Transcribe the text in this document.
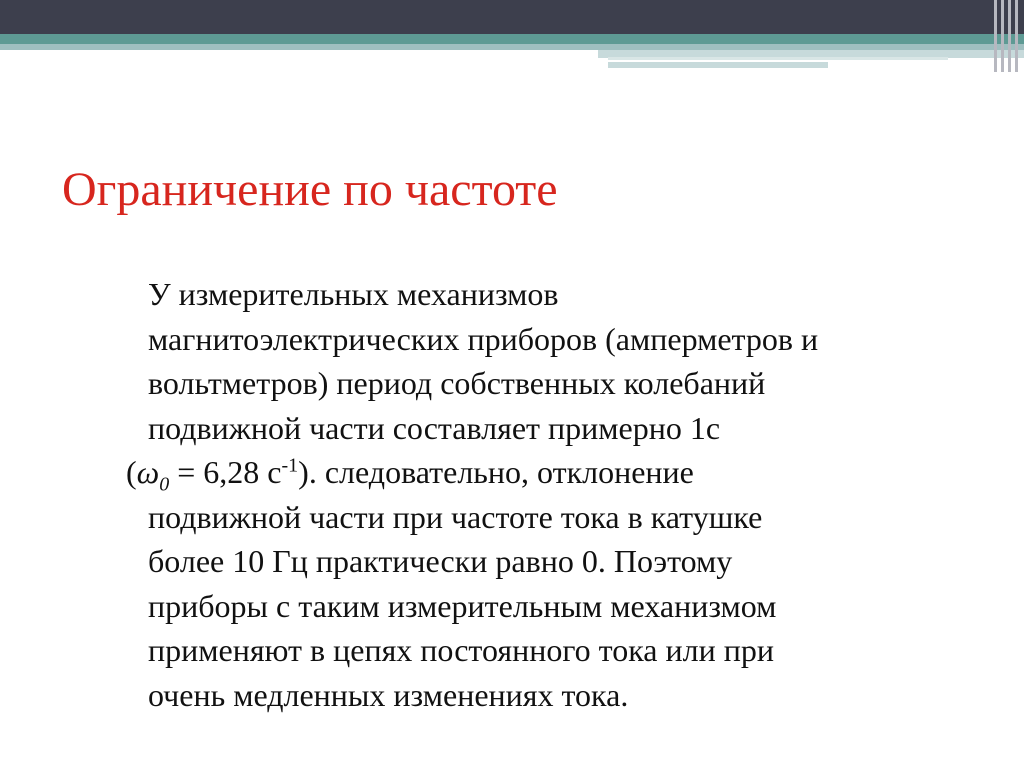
Ограничение по частоте
У измерительных механизмов
магнитоэлектрических приборов (амперметров и
вольтметров) период собственных колебаний
подвижной части составляет примерно 1с
($\omega_0 = 6,28$ $с^{-1}$). следовательно, отклонение
подвижной части при частоте тока в катушке
более 10 Гц практически равно 0. Поэтому
приборы с таким измерительным механизмом
применяют в цепях постоянного тока или при
очень медленных изменениях тока.
